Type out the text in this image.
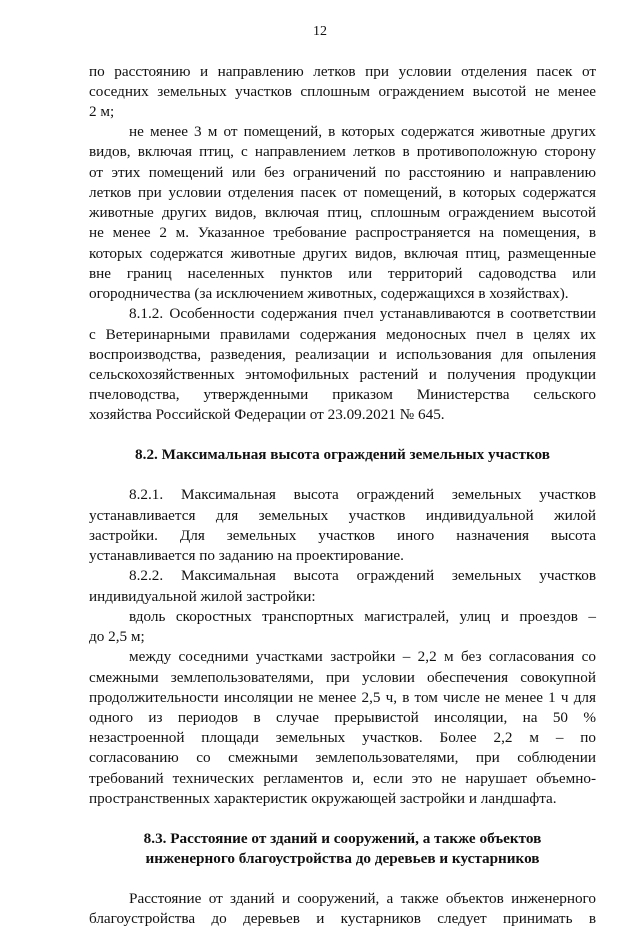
12
по расстоянию и направлению летков при условии отделения пасек от
соседних земельных участков сплошным ограждением высотой не менее
2 м;
не менее 3 м от помещений, в которых содержатся животные других
видов, включая птиц, с направлением летков в противоположную сторону
от этих помещений или без ограничений по расстоянию и направлению
летков при условии отделения пасек от помещений, в которых содержатся
животные других видов, включая птиц, сплошным ограждением высотой
не менее 2 м. Указанное требование распространяется на помещения, в
которых содержатся животные других видов, включая птиц, размещенные
вне границ населенных пунктов или территорий садоводства или
огородничества (за исключением животных, содержащихся в хозяйствах).
8.1.2. Особенности содержания пчел устанавливаются в соответствии
с Ветеринарными правилами содержания медоносных пчел в целях их
воспроизводства, разведения, реализации и использования для опыления
сельскохозяйственных энтомофильных растений и получения продукции
пчеловодства, утвержденными приказом Министерства сельского
хозяйства Российской Федерации от 23.09.2021 № 645.
8.2. Максимальная высота ограждений земельных участков
8.2.1. Максимальная высота ограждений земельных участков
устанавливается для земельных участков индивидуальной жилой
застройки. Для земельных участков иного назначения высота
устанавливается по заданию на проектирование.
8.2.2. Максимальная высота ограждений земельных участков
индивидуальной жилой застройки:
вдоль скоростных транспортных магистралей, улиц и проездов –
до 2,5 м;
между соседними участками застройки – 2,2 м без согласования со
смежными землепользователями, при условии обеспечения совокупной
продолжительности инсоляции не менее 2,5 ч, в том числе не менее 1 ч для
одного из периодов в случае прерывистой инсоляции, на 50 %
незастроенной площади земельных участков. Более 2,2 м – по
согласованию со смежными землепользователями, при соблюдении
требований технических регламентов и, если это не нарушает объемно-
пространственных характеристик окружающей застройки и ландшафта.
8.3. Расстояние от зданий и сооружений, а также объектов
инженерного благоустройства до деревьев и кустарников
Расстояние от зданий и сооружений, а также объектов инженерного
благоустройства до деревьев и кустарников следует принимать в
